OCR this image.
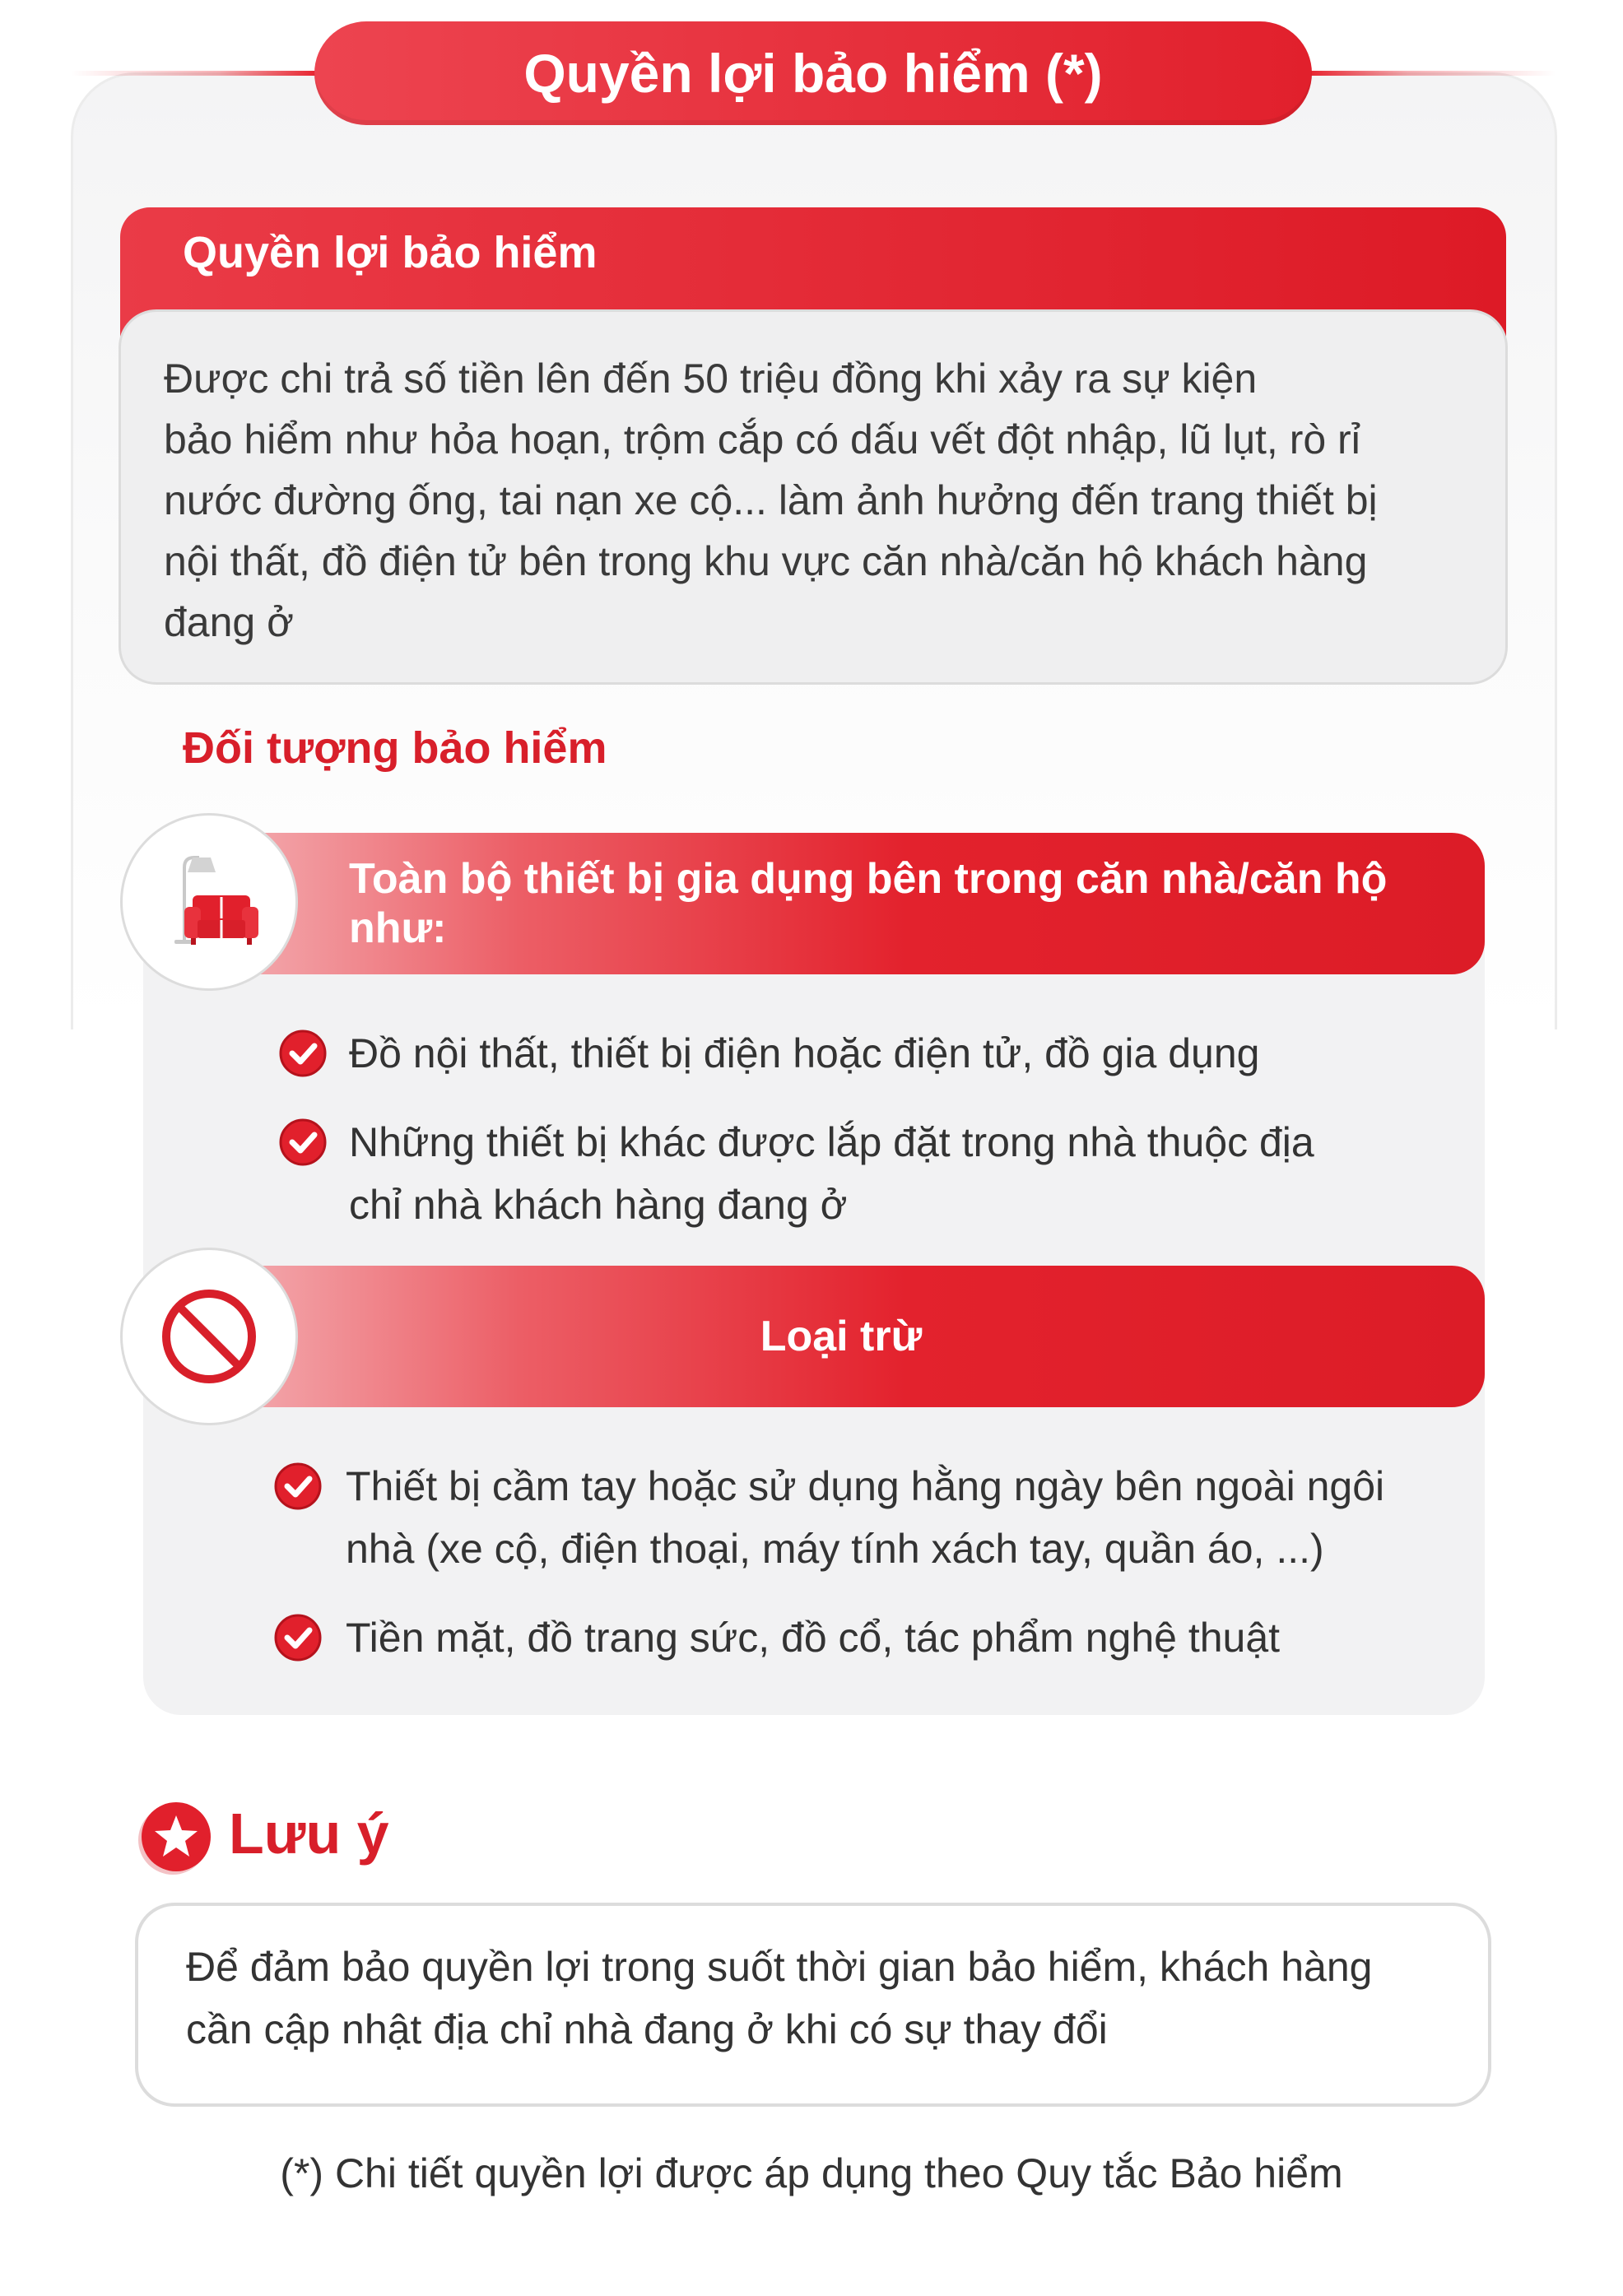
Quyền lợi bảo hiểm (*)
Quyền lợi bảo hiểm
Được chi trả số tiền lên đến 50 triệu đồng khi xảy ra sự kiện
bảo hiểm như hỏa hoạn, trộm cắp có dấu vết đột nhập, lũ lụt, rò rỉ
nước đường ống, tai nạn xe cộ... làm ảnh hưởng đến trang thiết bị
nội thất, đồ điện tử bên trong khu vực căn nhà/căn hộ khách hàng
đang ở
Đối tượng bảo hiểm
Toàn bộ thiết bị gia dụng bên trong căn nhà/căn hộ như:
Đồ nội thất, thiết bị điện hoặc điện tử, đồ gia dụng
Những thiết bị khác được lắp đặt trong nhà thuộc địa
chỉ nhà khách hàng đang ở
Loại trừ
Thiết bị cầm tay hoặc sử dụng hằng ngày bên ngoài ngôi
nhà (xe cộ, điện thoại, máy tính xách tay, quần áo, ...)
Tiền mặt, đồ trang sức, đồ cổ, tác phẩm nghệ thuật
Lưu ý
Để đảm bảo quyền lợi trong suốt thời gian bảo hiểm, khách hàng
cần cập nhật địa chỉ nhà đang ở khi có sự thay đổi
(*) Chi tiết quyền lợi được áp dụng theo Quy tắc Bảo hiểm
